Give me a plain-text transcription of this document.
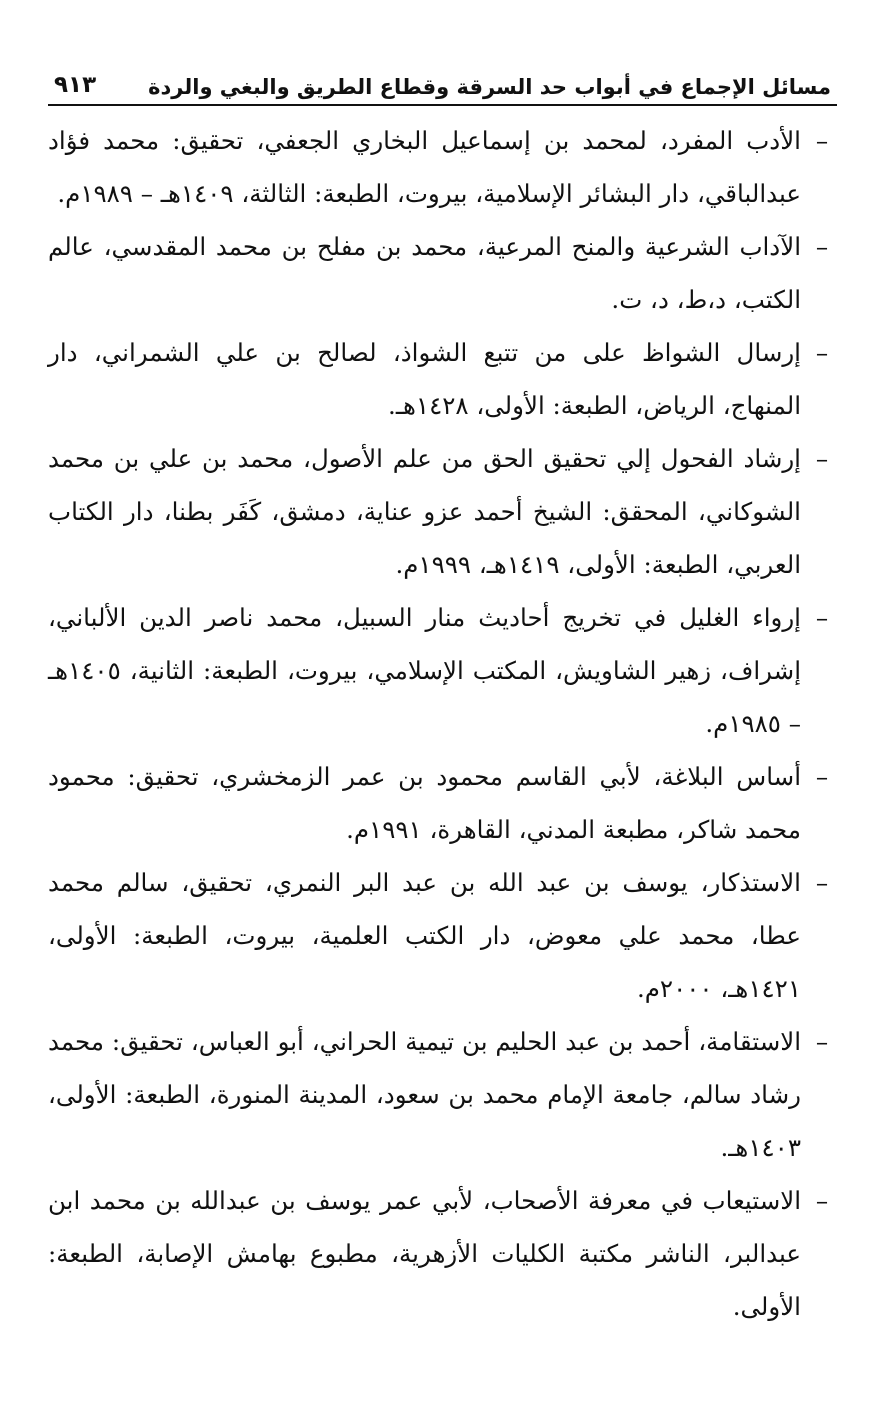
مسائل الإجماع في أبواب حد السرقة وقطاع الطريق والبغي والردة
٩١٣
–
الأدب المفرد، لمحمد بن إسماعيل البخاري الجعفي، تحقيق: محمد فؤاد عبدالباقي، دار البشائر الإسلامية، بيروت، الطبعة: الثالثة، ١٤٠٩هـ – ١٩٨٩م.
–
الآداب الشرعية والمنح المرعية، محمد بن مفلح بن محمد المقدسي، عالم الكتب، د،ط، د، ت.
–
إرسال الشواظ على من تتبع الشواذ، لصالح بن علي الشمراني، دار المنهاج، الرياض، الطبعة: الأولى، ١٤٢٨هـ.
–
إرشاد الفحول إلي تحقيق الحق من علم الأصول، محمد بن علي بن محمد الشوكاني، المحقق: الشيخ أحمد عزو عناية، دمشق، كَفَر بطنا، دار الكتاب العربي، الطبعة: الأولى، ١٤١٩هـ، ١٩٩٩م.
–
إرواء الغليل في تخريج أحاديث منار السبيل، محمد ناصر الدين الألباني، إشراف، زهير الشاويش، المكتب الإسلامي، بيروت، الطبعة: الثانية، ١٤٠٥هـ – ١٩٨٥م.
–
أساس البلاغة، لأبي القاسم محمود بن عمر الزمخشري، تحقيق: محمود محمد شاكر، مطبعة المدني، القاهرة، ١٩٩١م.
–
الاستذكار، يوسف بن عبد الله بن عبد البر النمري، تحقيق، سالم محمد عطا، محمد علي معوض، دار الكتب العلمية، بيروت، الطبعة: الأولى، ١٤٢١هـ، ٢٠٠٠م.
–
الاستقامة، أحمد بن عبد الحليم بن تيمية الحراني، أبو العباس، تحقيق: محمد رشاد سالم، جامعة الإمام محمد بن سعود، المدينة المنورة، الطبعة: الأولى، ١٤٠٣هـ.
–
الاستيعاب في معرفة الأصحاب، لأبي عمر يوسف بن عبدالله بن محمد ابن عبدالبر، الناشر مكتبة الكليات الأزهرية، مطبوع بهامش الإصابة، الطبعة: الأولى.
